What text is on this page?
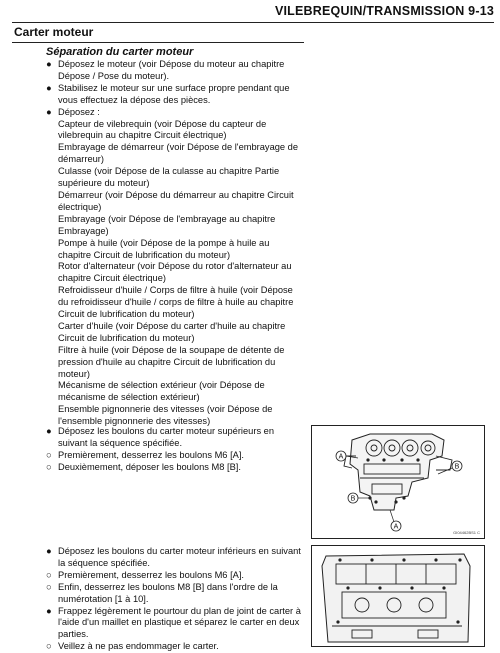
VILEBREQUIN/TRANSMISSION 9-13
Carter moteur
Séparation du carter moteur
● Déposez le moteur (voir Dépose du moteur au chapitre Dépose / Pose du moteur).
● Stabilisez le moteur sur une surface propre pendant que vous effectuez la dépose des pièces.
● Déposez :
Capteur de vilebrequin (voir Dépose du capteur de vilebrequin au chapitre Circuit électrique)
Embrayage de démarreur (voir Dépose de l'embrayage de démarreur)
Culasse (voir Dépose de la culasse au chapitre Partie supérieure du moteur)
Démarreur (voir Dépose du démarreur au chapitre Circuit électrique)
Embrayage (voir Dépose de l'embrayage au chapitre Embrayage)
Pompe à huile (voir Dépose de la pompe à huile au chapitre Circuit de lubrification du moteur)
Rotor d'alternateur (voir Dépose du rotor d'alternateur au chapitre Circuit électrique)
Refroidisseur d'huile / Corps de filtre à huile (voir Dépose du refroidisseur d'huile / corps de filtre à huile au chapitre Circuit de lubrification du moteur)
Carter d'huile (voir Dépose du carter d'huile au chapitre Circuit de lubrification du moteur)
Filtre à huile (voir Dépose de la soupape de détente de pression d'huile au chapitre Circuit de lubrification du moteur)
Mécanisme de sélection extérieur (voir Dépose de mécanisme de sélection extérieur)
Ensemble pignonnerie des vitesses (voir Dépose de l'ensemble pignonnerie des vitesses)
● Déposez les boulons du carter moteur supérieurs en suivant la séquence spécifiée.
○ Premièrement, desserrez les boulons M6 [A].
○ Deuxièmement, déposer les boulons M8 [B].
● Déposez les boulons du carter moteur inférieurs en suivant la séquence spécifiée.
○ Premièrement, desserrez les boulons M6 [A].
○ Enfin, desserrez les boulons M8 [B] dans l'ordre de la numérotation [1 à 10].
● Frappez légèrement le pourtour du plan de joint de carter à l'aide d'un maillet en plastique et séparez le carter en deux parties.
○ Veillez à ne pas endommager le carter.
A
B
B
A
GI04462BS1 C
